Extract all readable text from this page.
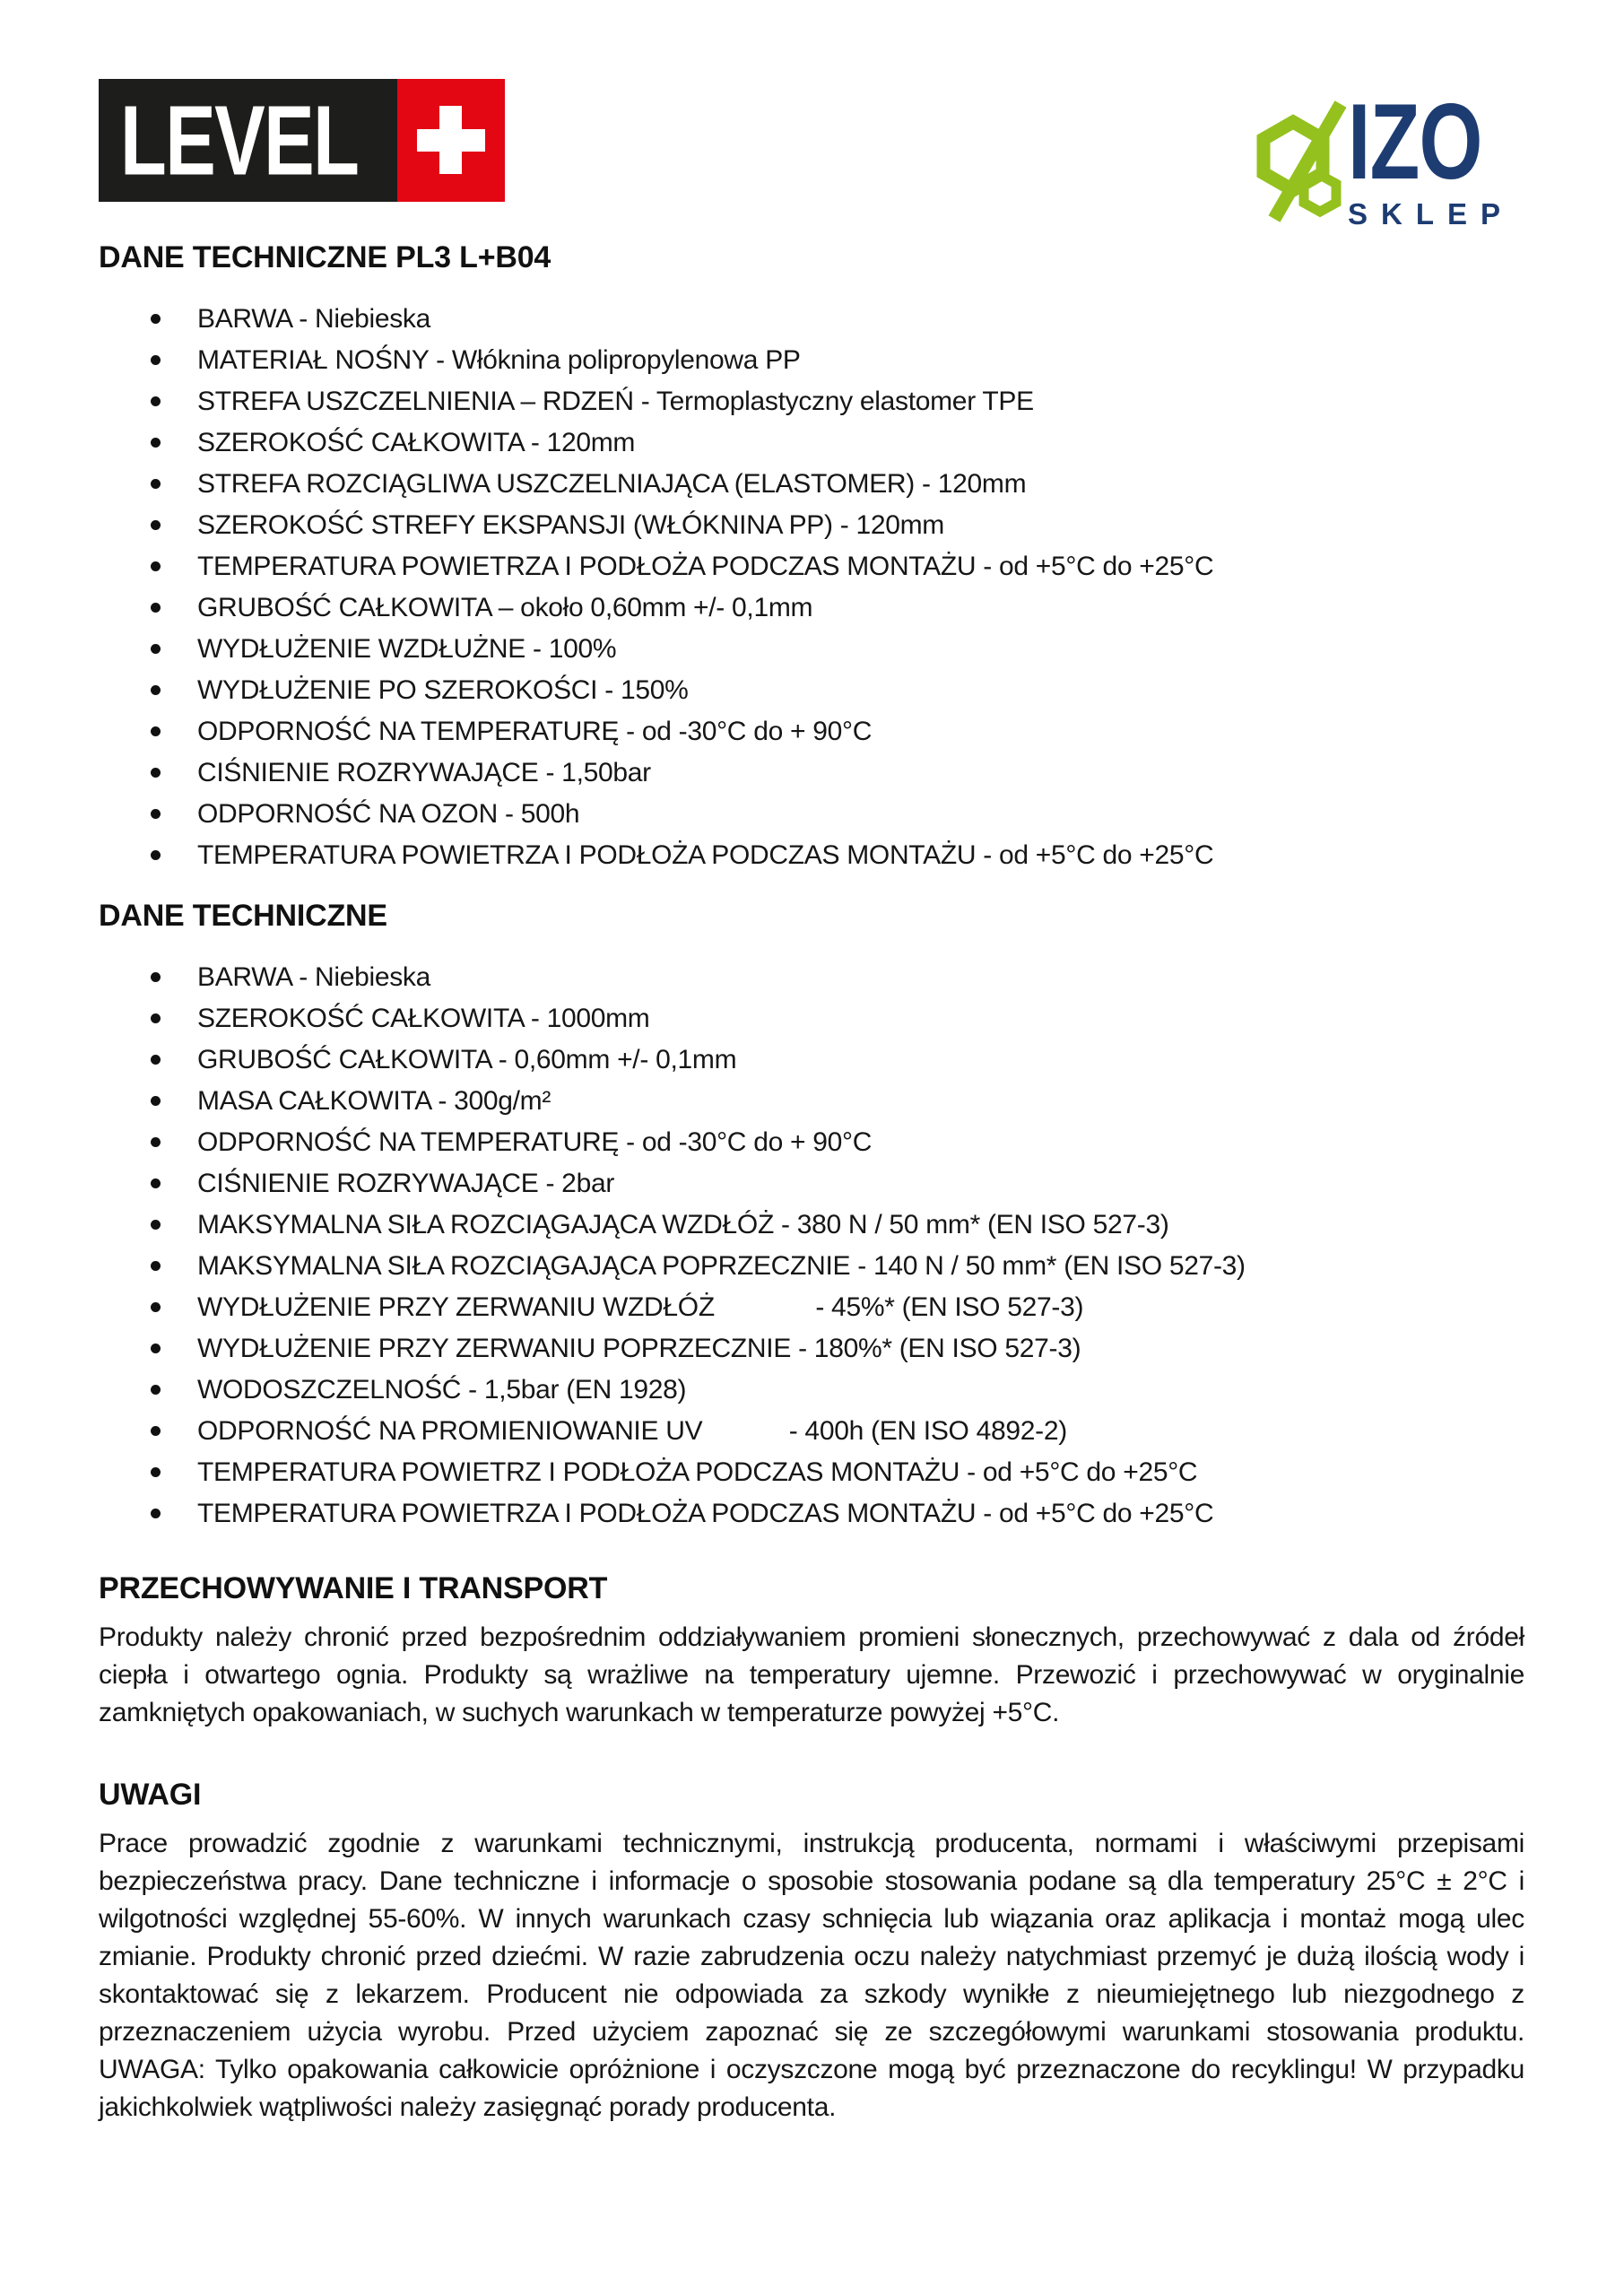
LEVEL	IZO
SKLEP
DANE TECHNICZNE PL3 L+B04
BARWA - Niebieska
MATERIAŁ NOŚNY - Włóknina polipropylenowa PP
STREFA USZCZELNIENIA – RDZEŃ - Termoplastyczny elastomer TPE
SZEROKOŚĆ CAŁKOWITA - 120mm
STREFA ROZCIĄGLIWA USZCZELNIAJĄCA (ELASTOMER) - 120mm
SZEROKOŚĆ STREFY EKSPANSJI (WŁÓKNINA PP) - 120mm
TEMPERATURA POWIETRZA I PODŁOŻA PODCZAS MONTAŻU - od +5°C do +25°C
GRUBOŚĆ CAŁKOWITA – około 0,60mm +/- 0,1mm
WYDŁUŻENIE WZDŁUŻNE - 100%
WYDŁUŻENIE PO SZEROKOŚCI - 150%
ODPORNOŚĆ NA TEMPERATURĘ - od -30°C do + 90°C
CIŚNIENIE ROZRYWAJĄCE - 1,50bar
ODPORNOŚĆ NA OZON - 500h
TEMPERATURA POWIETRZA I PODŁOŻA PODCZAS MONTAŻU - od +5°C do +25°C
DANE TECHNICZNE
BARWA - Niebieska
SZEROKOŚĆ CAŁKOWITA - 1000mm
GRUBOŚĆ CAŁKOWITA - 0,60mm +/- 0,1mm
MASA CAŁKOWITA - 300g/m²
ODPORNOŚĆ NA TEMPERATURĘ - od -30°C do + 90°C
CIŚNIENIE ROZRYWAJĄCE - 2bar
MAKSYMALNA SIŁA ROZCIĄGAJĄCA WZDŁÓŻ - 380 N / 50 mm* (EN ISO 527-3)
MAKSYMALNA SIŁA ROZCIĄGAJĄCA POPRZECZNIE - 140 N / 50 mm* (EN ISO 527-3)
WYDŁUŻENIE PRZY ZERWANIU WZDŁÓŻ              - 45%* (EN ISO 527-3)
WYDŁUŻENIE PRZY ZERWANIU POPRZECZNIE - 180%* (EN ISO 527-3)
WODOSZCZELNOŚĆ - 1,5bar (EN 1928)
ODPORNOŚĆ NA PROMIENIOWANIE UV            - 400h (EN ISO 4892-2)
TEMPERATURA POWIETRZ I PODŁOŻA PODCZAS MONTAŻU - od +5°C do +25°C
TEMPERATURA POWIETRZA I PODŁOŻA PODCZAS MONTAŻU - od +5°C do +25°C
PRZECHOWYWANIE I TRANSPORT

Produkty należy chronić przed bezpośrednim oddziaływaniem promieni słonecznych, przechowywać z dala od źródeł ciepła i otwartego ognia. Produkty są wrażliwe na temperatury ujemne. Przewozić i przechowywać w oryginalnie zamkniętych opakowaniach, w suchych warunkach w temperaturze powyżej +5°C.

UWAGI

Prace prowadzić zgodnie z warunkami technicznymi, instrukcją producenta, normami i właściwymi przepisami bezpieczeństwa pracy. Dane techniczne i informacje o sposobie stosowania podane są dla temperatury 25°C ± 2°C i wilgotności względnej 55-60%. W innych warunkach czasy schnięcia lub wiązania oraz aplikacja i montaż mogą ulec zmianie. Produkty chronić przed dziećmi. W razie zabrudzenia oczu należy natychmiast przemyć je dużą ilością wody i skontaktować się z lekarzem. Producent nie odpowiada za szkody wynikłe z nieumiejętnego lub niezgodnego z przeznaczeniem użycia wyrobu. Przed użyciem zapoznać się ze szczegółowymi warunkami stosowania produktu. UWAGA: Tylko opakowania całkowicie opróżnione i oczyszczone mogą być przeznaczone do recyklingu! W przypadku jakichkolwiek wątpliwości należy zasięgnąć porady producenta.
